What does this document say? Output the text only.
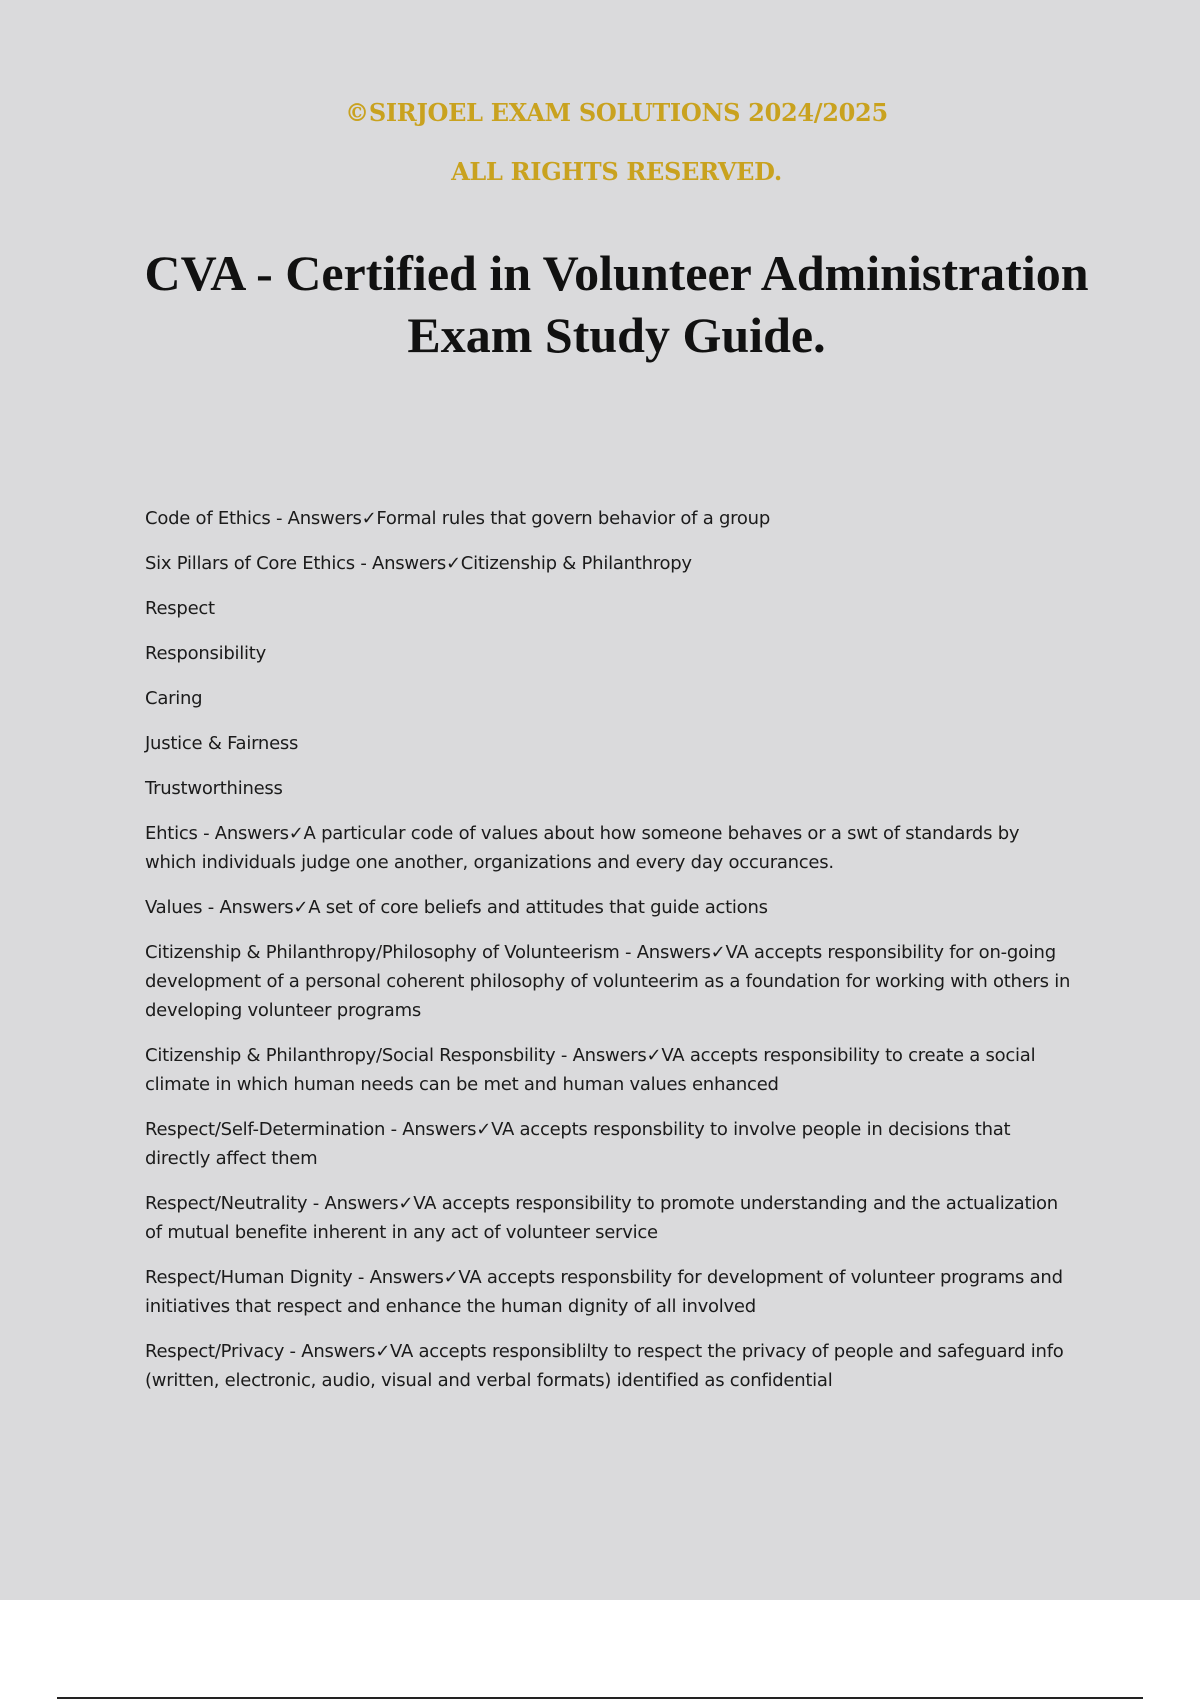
©SIRJOEL EXAM SOLUTIONS 2024/2025
ALL RIGHTS RESERVED.
CVA - Certified in Volunteer Administration
Exam Study Guide.

Code of Ethics - Answers✓Formal rules that govern behavior of a group

Six Pillars of Core Ethics - Answers✓Citizenship & Philanthropy

Respect

Responsibility

Caring

Justice & Fairness

Trustworthiness

Ehtics - Answers✓A particular code of values about how someone behaves or a swt of standards by which individuals judge one another, organizations and every day occurances.

Values - Answers✓A set of core beliefs and attitudes that guide actions

Citizenship & Philanthropy/Philosophy of Volunteerism - Answers✓VA accepts responsibility for on-going development of a personal coherent philosophy of volunteerim as a foundation for working with others in developing volunteer programs

Citizenship & Philanthropy/Social Responsbility - Answers✓VA accepts responsibility to create a social climate in which human needs can be met and human values enhanced

Respect/Self-Determination - Answers✓VA accepts responsbility to involve people in decisions that directly affect them

Respect/Neutrality - Answers✓VA accepts responsibility to promote understanding and the actualization of mutual benefite inherent in any act of volunteer service

Respect/Human Dignity - Answers✓VA accepts responsbility for development of volunteer programs and initiatives that respect and enhance the human dignity of all involved

Respect/Privacy - Answers✓VA accepts responsiblilty to respect the privacy of people and safeguard info (written, electronic, audio, visual and verbal formats) identified as confidential
